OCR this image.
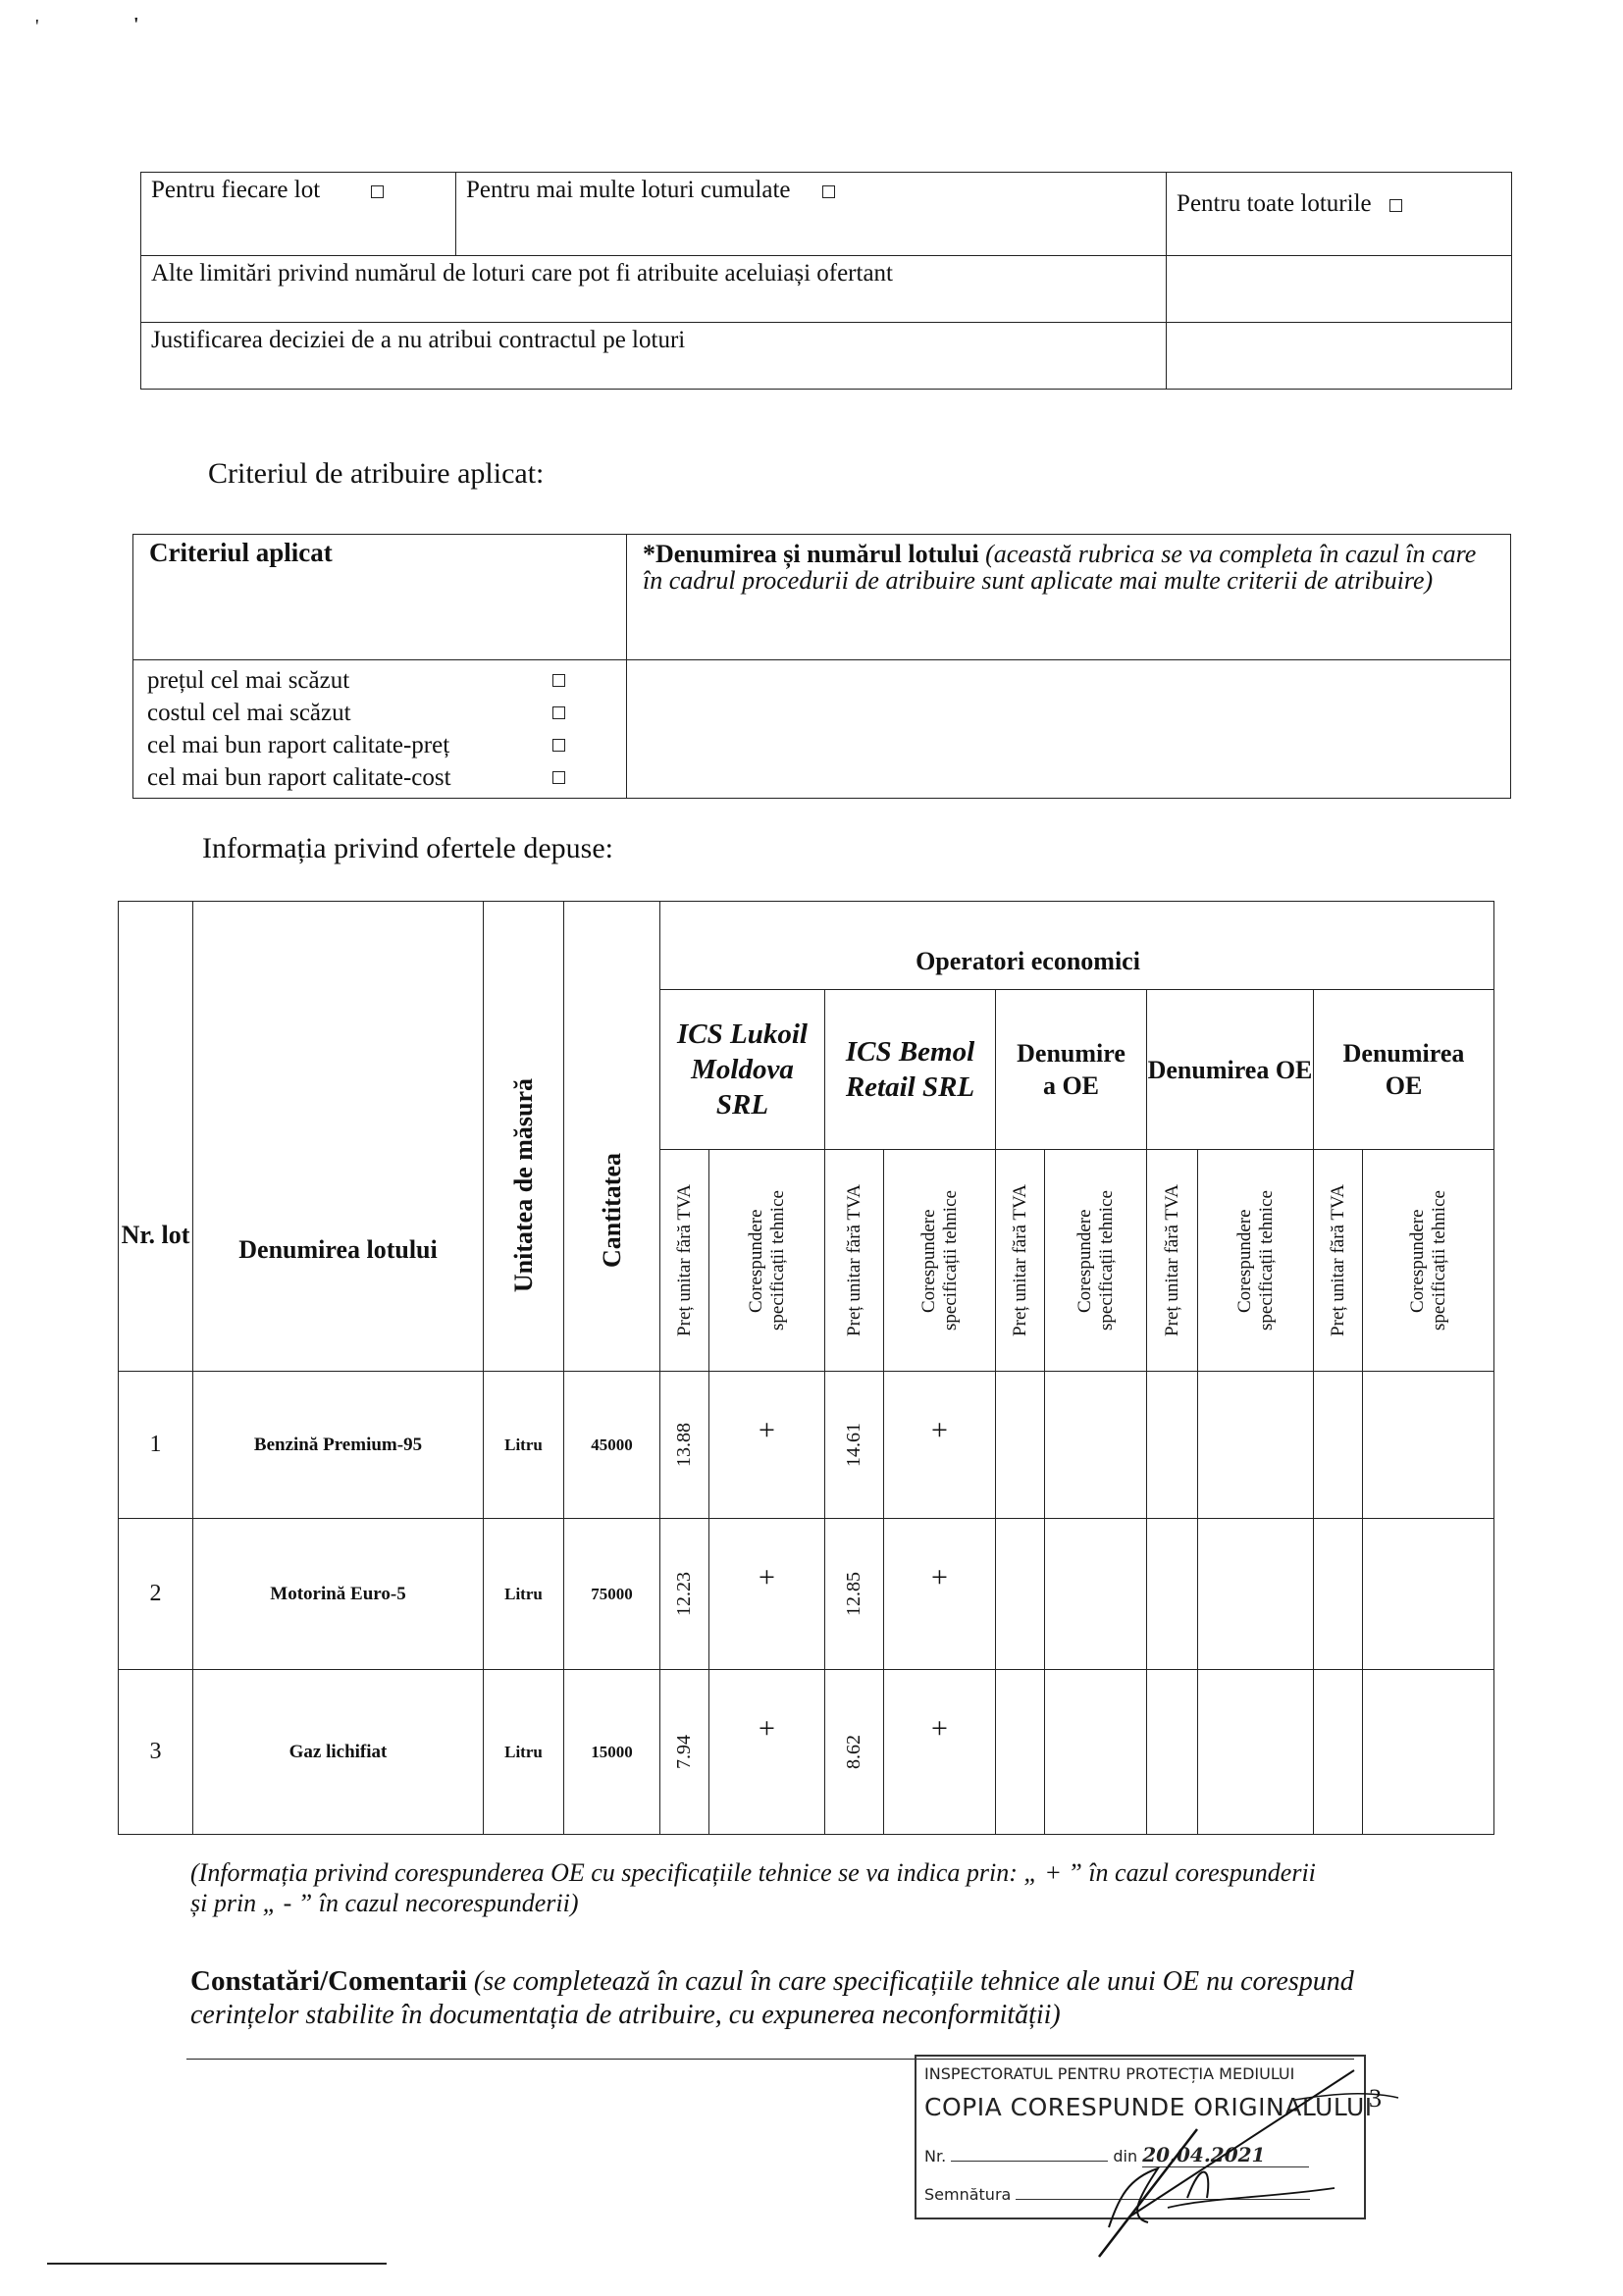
'	'
Pentru fiecare lot	Pentru mai multe loturi cumulate	Pentru toate loturile
Alte limitări privind numărul de loturi care pot fi atribuite aceluiași ofertant		
Justificarea deciziei de a nu atribui contractul pe loturi		
Criteriul de atribuire aplicat:
Criteriul aplicat	*Denumirea și numărul lotului (această rubrica se va completa în cazul în care în cadrul procedurii de atribuire sunt aplicate mai multe criterii de atribuire)

prețul cel mai scăzut
costul cel mai scăzut
cel mai bun raport calitate-preț
cel mai bun raport calitate-cost	

Informația privind ofertele depuse:
Nr. lot	Denumirea lotului	Unitatea de măsură	Cantitatea	Operatori economici									

				ICS Lukoil Moldova SRL		ICS Bemol Retail SRL		Denumirea OE		Denumirea OE		Denumirea OE	

				Preț unitar fără TVA	Corespundere specificații tehnice	Preț unitar fără TVA	Corespundere specificații tehnice	Preț unitar fără TVA	Corespundere specificații tehnice	Preț unitar fără TVA	Corespundere specificații tehnice	Preț unitar fără TVA	Corespundere specificații tehnice

1	Benzină Premium-95	Litru	45000	13.88	+	14.61	+						
2	Motorină Euro-5	Litru	75000	12.23	+	12.85	+						
3	Gaz lichifiat	Litru	15000	7.94	+	8.62	+						
(Informația privind corespunderea OE cu specificațiile tehnice se va indica prin: „ + ” în cazul corespunderii și prin „ - ” în cazul necorespunderii)
Constatări/Comentarii (se completează în cazul în care specificațiile tehnice ale unui OE nu corespund cerințelor stabilite în documentația de atribuire, cu expunerea neconformității)
INSPECTORATUL PENTRU PROTECȚIA MEDIULUI
COPIA CORESPUNDE ORIGINALULUI
Nr.	din 20.04.2021
Semnătura
3
